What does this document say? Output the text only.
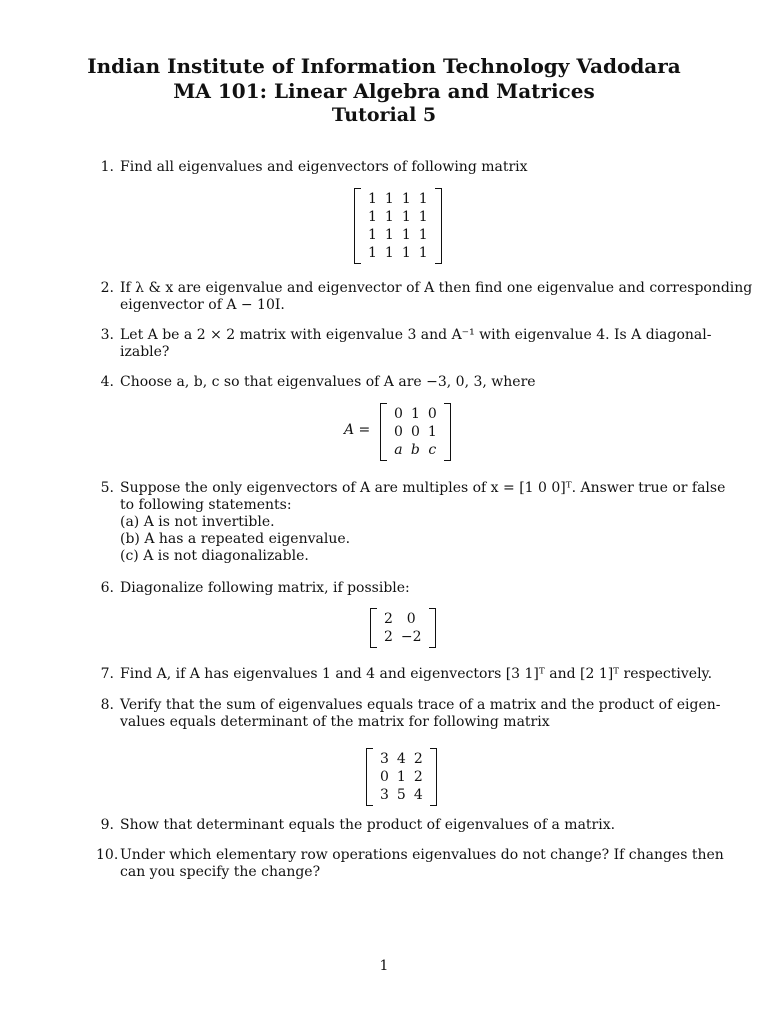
Indian Institute of Information Technology Vadodara
MA 101: Linear Algebra and Matrices
Tutorial 5
1. Find all eigenvalues and eigenvectors of following matrix
1	1	1	1
1	1	1	1
1	1	1	1
1	1	1	1
2. If λ & x are eigenvalue and eigenvector of A then find one eigenvalue and corresponding
eigenvector of A − 10I.
3. Let A be a 2 × 2 matrix with eigenvalue 3 and A⁻¹ with eigenvalue 4. Is A diagonal-
izable?
4. Choose a, b, c so that eigenvalues of A are −3, 0, 3, where
A =
0	1	0
0	0	1
a	b	c
5. Suppose the only eigenvectors of A are multiples of x = [1 0 0]ᵀ. Answer true or false
to following statements:
(a) A is not invertible.
(b) A has a repeated eigenvalue.
(c) A is not diagonalizable.
6. Diagonalize following matrix, if possible:
2	0
2	−2
7. Find A, if A has eigenvalues 1 and 4 and eigenvectors [3 1]ᵀ and [2 1]ᵀ respectively.
8. Verify that the sum of eigenvalues equals trace of a matrix and the product of eigen-
values equals determinant of the matrix for following matrix
3	4	2
0	1	2
3	5	4
9. Show that determinant equals the product of eigenvalues of a matrix.
10. Under which elementary row operations eigenvalues do not change? If changes then
can you specify the change?
1
